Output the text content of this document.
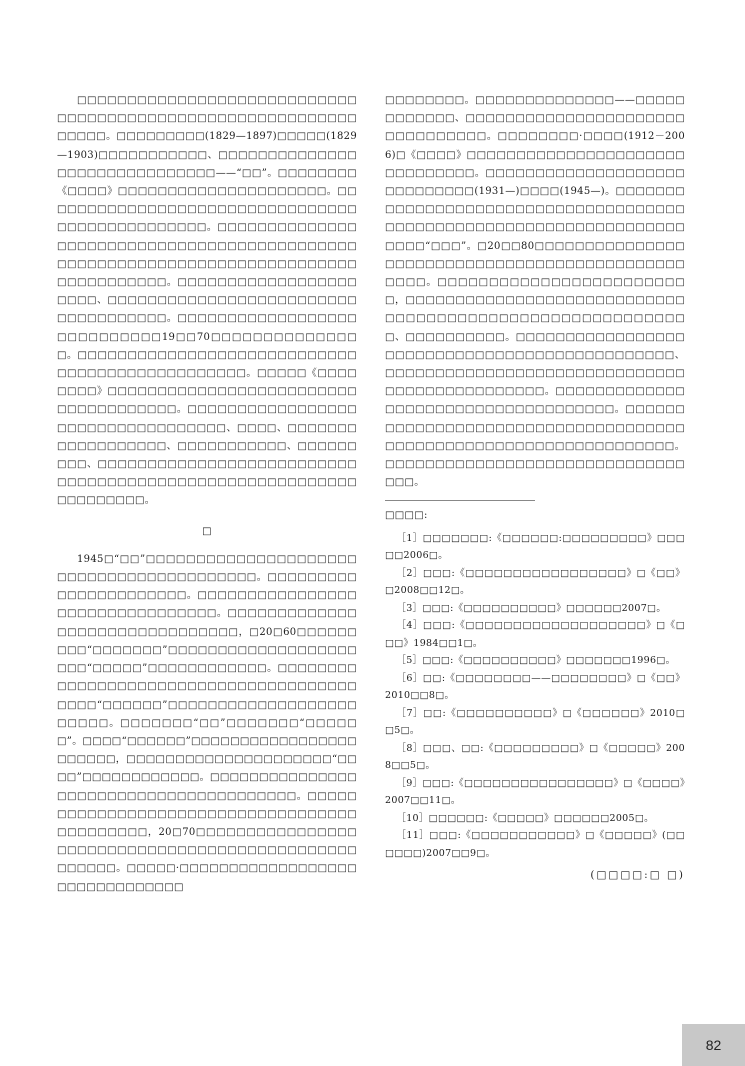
□□□□□□□□□□□□□□□□□□□□□□□□□□□□□□□□□□□□□□□□□□□□□□□□□□□□□□□□□□□□□□□。□□□□□□□□□(1829—1897)□□□□□(1829—1903)□□□□□□□□□□□、□□□□□□□□□□□□□□□□□□□□□□□□□□□□□□——“□□”。□□□□□□□□《□□□□》□□□□□□□□□□□□□□□□□□□□□。□□□□□□□□□□□□□□□□□□□□□□□□□□□□□□□□□□□□□□□□□□□□□□□。□□□□□□□□□□□□□□□□□□□□□□□□□□□□□□□□□□□□□□□□□□□□□□□□□□□□□□□□□□□□□□□□□□□□□□□□□□□□□□□□□□□□□。□□□□□□□□□□□□□□□□□□□□□□、□□□□□□□□□□□□□□□□□□□□□□□□□□□□□□□□□□□□。□□□□□□□□□□□□□□□□□□□□□□□□□□□□19□□70□□□□□□□□□□□□□□□。□□□□□□□□□□□□□□□□□□□□□□□□□□□□□□□□□□□□□□□□□□□□□□□。□□□□□《□□□□□□□□》□□□□□□□□□□□□□□□□□□□□□□□□□□□□□□□□□□□□□。□□□□□□□□□□□□□□□□□□□□□□□□□□□□□□□□□□、□□□□、□□□□□□□□□□□□□□□□□□、□□□□□□□□□□□、□□□□□□□□□、□□□□□□□□□□□□□□□□□□□□□□□□□□□□□□□□□□□□□□□□□□□□□□□□□□□□□□□□□□□□□□□□□。

□

1945□“□□”□□□□□□□□□□□□□□□□□□□□□□□□□□□□□□□□□□□□□□□□□。□□□□□□□□□□□□□□□□□□□□□□。□□□□□□□□□□□□□□□□□□□□□□□□□□□□□□□□。□□□□□□□□□□□□□□□□□□□□□□□□□□□□□□□，□20□60□□□□□□□□□“□□□□□□□”□□□□□□□□□□□□□□□□□□□□□□“□□□□□”□□□□□□□□□□□□。□□□□□□□□□□□□□□□□□□□□□□□□□□□□□□□□□□□□□□□□□□“□□□□□□”□□□□□□□□□□□□□□□□□□□□□□□□。□□□□□□□“□□”□□□□□□□“□□□□□□”。□□□□“□□□□□□”□□□□□□□□□□□□□□□□□□□□□□□，□□□□□□□□□□□□□□□□□□□□□“□□□□”□□□□□□□□□□□□。□□□□□□□□□□□□□□□□□□□□□□□□□□□□□□□□□□□□□□□。□□□□□□□□□□□□□□□□□□□□□□□□□□□□□□□□□□□□□□□□□□□□，20□70□□□□□□□□□□□□□□□□□□□□□□□□□□□□□□□□□□□□□□□□□□□□□□□□□□□□。□□□□□·□□□□□□□□□□□□□□□□□□□□□□□□□□□□□□□

□□□□□□□□。□□□□□□□□□□□□□□——□□□□□□□□□□□□、□□□□□□□□□□□□□□□□□□□□□□□□□□□□□□□□。□□□□□□□□·□□□□(1912－2006)□《□□□□》□□□□□□□□□□□□□□□□□□□□□□□□□□□□□□□。□□□□□□□□□□□□□□□□□□□□□□□□□□□□□(1931—)□□□□(1945—)。□□□□□□□□□□□□□□□□□□□□□□□□□□□□□□□□□□□□□□□□□□□□□□□□□□□□□□□□□□□□□□□□□□□□□□□“□□□”。□20□□80□□□□□□□□□□□□□□□□□□□□□□□□□□□□□□□□□□□□□□□□□□□□□□□□□。□□□□□□□□□□□□□□□□□□□□□□□□□，□□□□□□□□□□□□□□□□□□□□□□□□□□□□□□□□□□□□□□□□□□□□□□□□□□□□□□□□□□、□□□□□□□□□□。□□□□□□□□□□□□□□□□□□□□□□□□□□□□□□□□□□□□□□□□□□□□□□、□□□□□□□□□□□□□□□□□□□□□□□□□□□□□□□□□□□□□□□□□□□□□□。□□□□□□□□□□□□□□□□□□□□□□□□□□□□□□□□□□□□。□□□□□□□□□□□□□□□□□□□□□□□□□□□□□□□□□□□□□□□□□□□□□□□□□□□□□□□□□□□□□□□□□。□□□□□□□□□□□□□□□□□□□□□□□□□□□□□□□□□。

□□□□:

［1］□□□□□□□:《□□□□□□:□□□□□□□□□》□□□□□2006□。

［2］□□□:《□□□□□□□□□□□□□□□□□》□《□□》□2008□□12□。

［3］□□□:《□□□□□□□□□□》□□□□□□2007□。

［4］□□□:《□□□□□□□□□□□□□□□□□□□》□《□□□》1984□□1□。

［5］□□□:《□□□□□□□□□□》□□□□□□□1996□。

［6］□□:《□□□□□□□□——□□□□□□□□》□《□□》2010□□8□。

［7］□□:《□□□□□□□□□□》□《□□□□□□》2010□□5□。

［8］□□□、□□:《□□□□□□□□□》□《□□□□□》2008□□5□。

［9］□□□:《□□□□□□□□□□□□□□□□》□《□□□□》2007□□11□。

［10］□□□□□□:《□□□□□》□□□□□□2005□。

［11］□□□:《□□□□□□□□□□□》□《□□□□□》(□□□□□□)2007□□9□。

(□□□□:□ □)
82
